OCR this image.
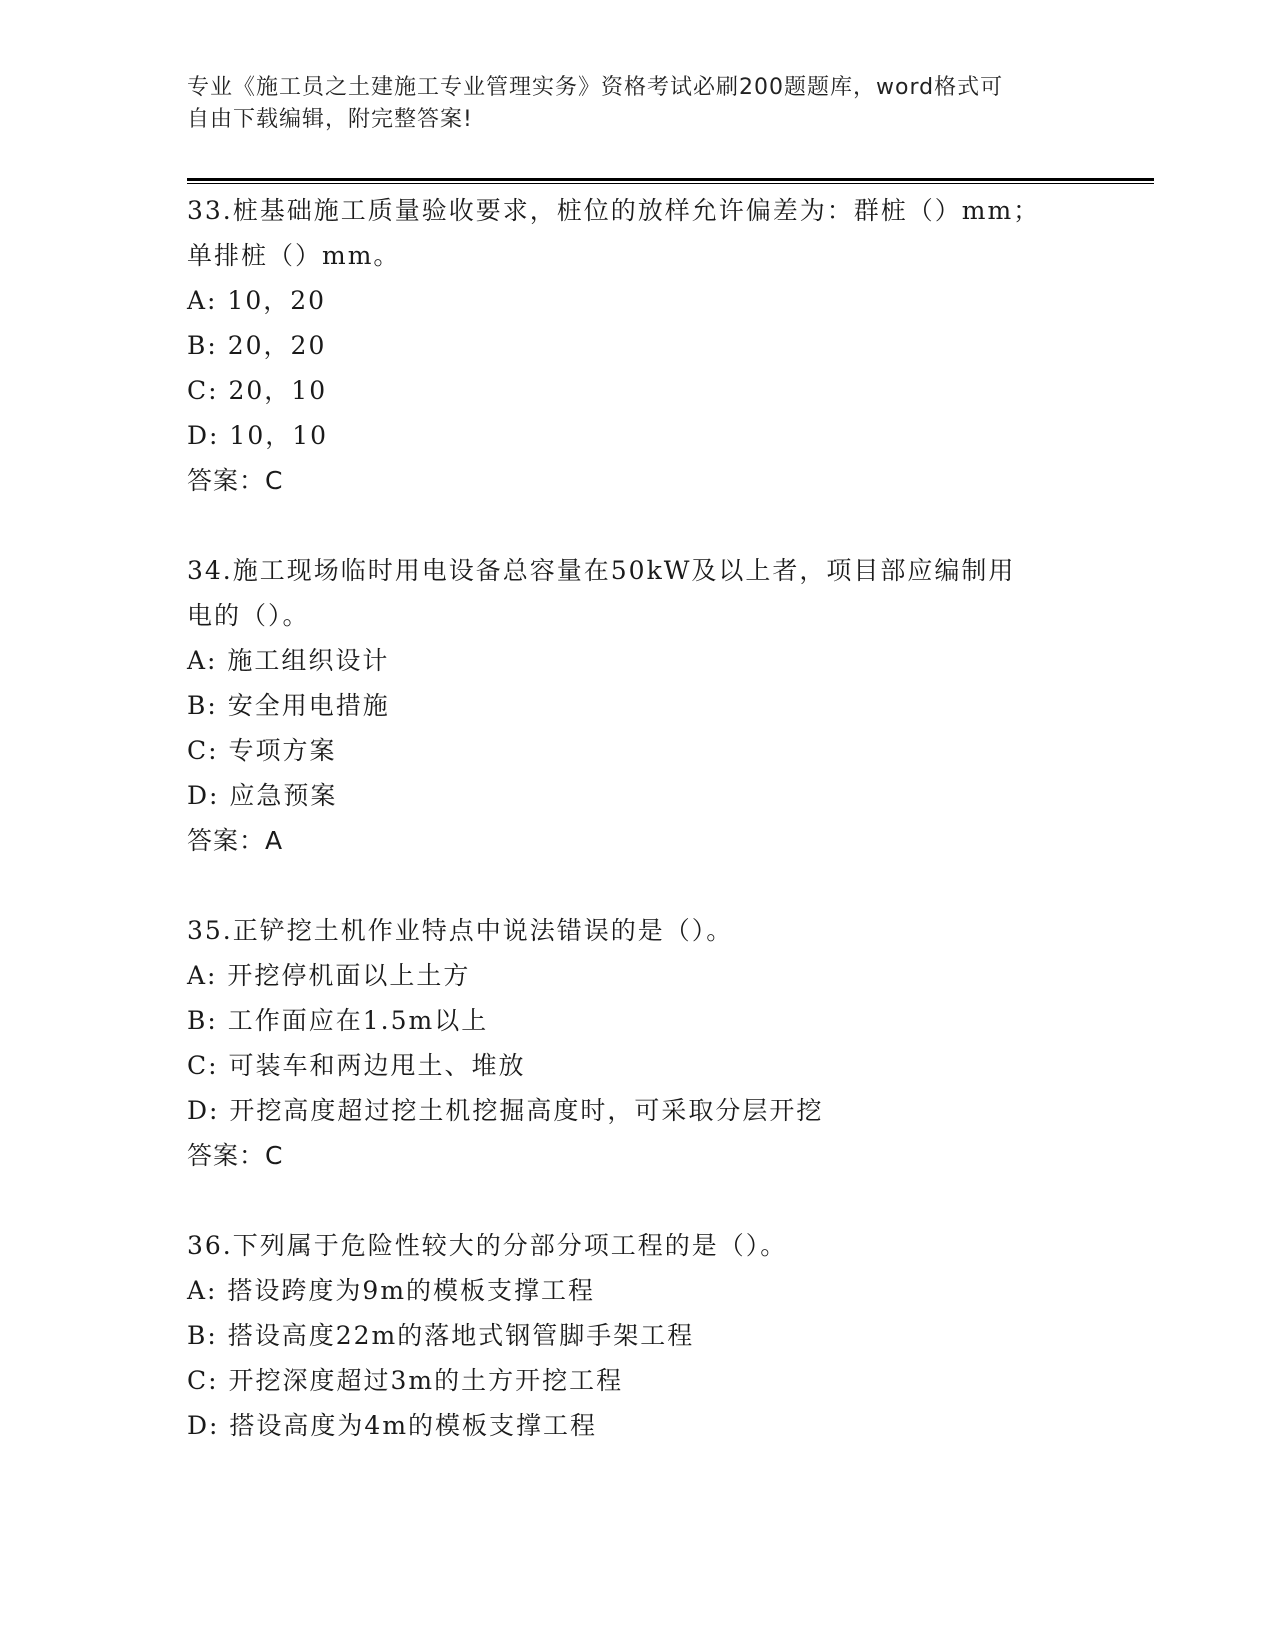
专业《施工员之土建施工专业管理实务》资格考试必刷200题题库，word格式可
自由下载编辑，附完整答案!
33.桩基础施工质量验收要求，桩位的放样允许偏差为：群桩（）mm；
单排桩（）mm。
A: 10，20
B: 20，20
C: 20，10
D: 10，10
答案：C
34.施工现场临时用电设备总容量在50kW及以上者，项目部应编制用
电的（）。
A: 施工组织设计
B: 安全用电措施
C: 专项方案
D: 应急预案
答案：A
35.正铲挖土机作业特点中说法错误的是（）。
A: 开挖停机面以上土方
B: 工作面应在1.5m以上
C: 可装车和两边甩土、堆放
D: 开挖高度超过挖土机挖掘高度时，可采取分层开挖
答案：C
36.下列属于危险性较大的分部分项工程的是（）。
A: 搭设跨度为9m的模板支撑工程
B: 搭设高度22m的落地式钢管脚手架工程
C: 开挖深度超过3m的土方开挖工程
D: 搭设高度为4m的模板支撑工程
